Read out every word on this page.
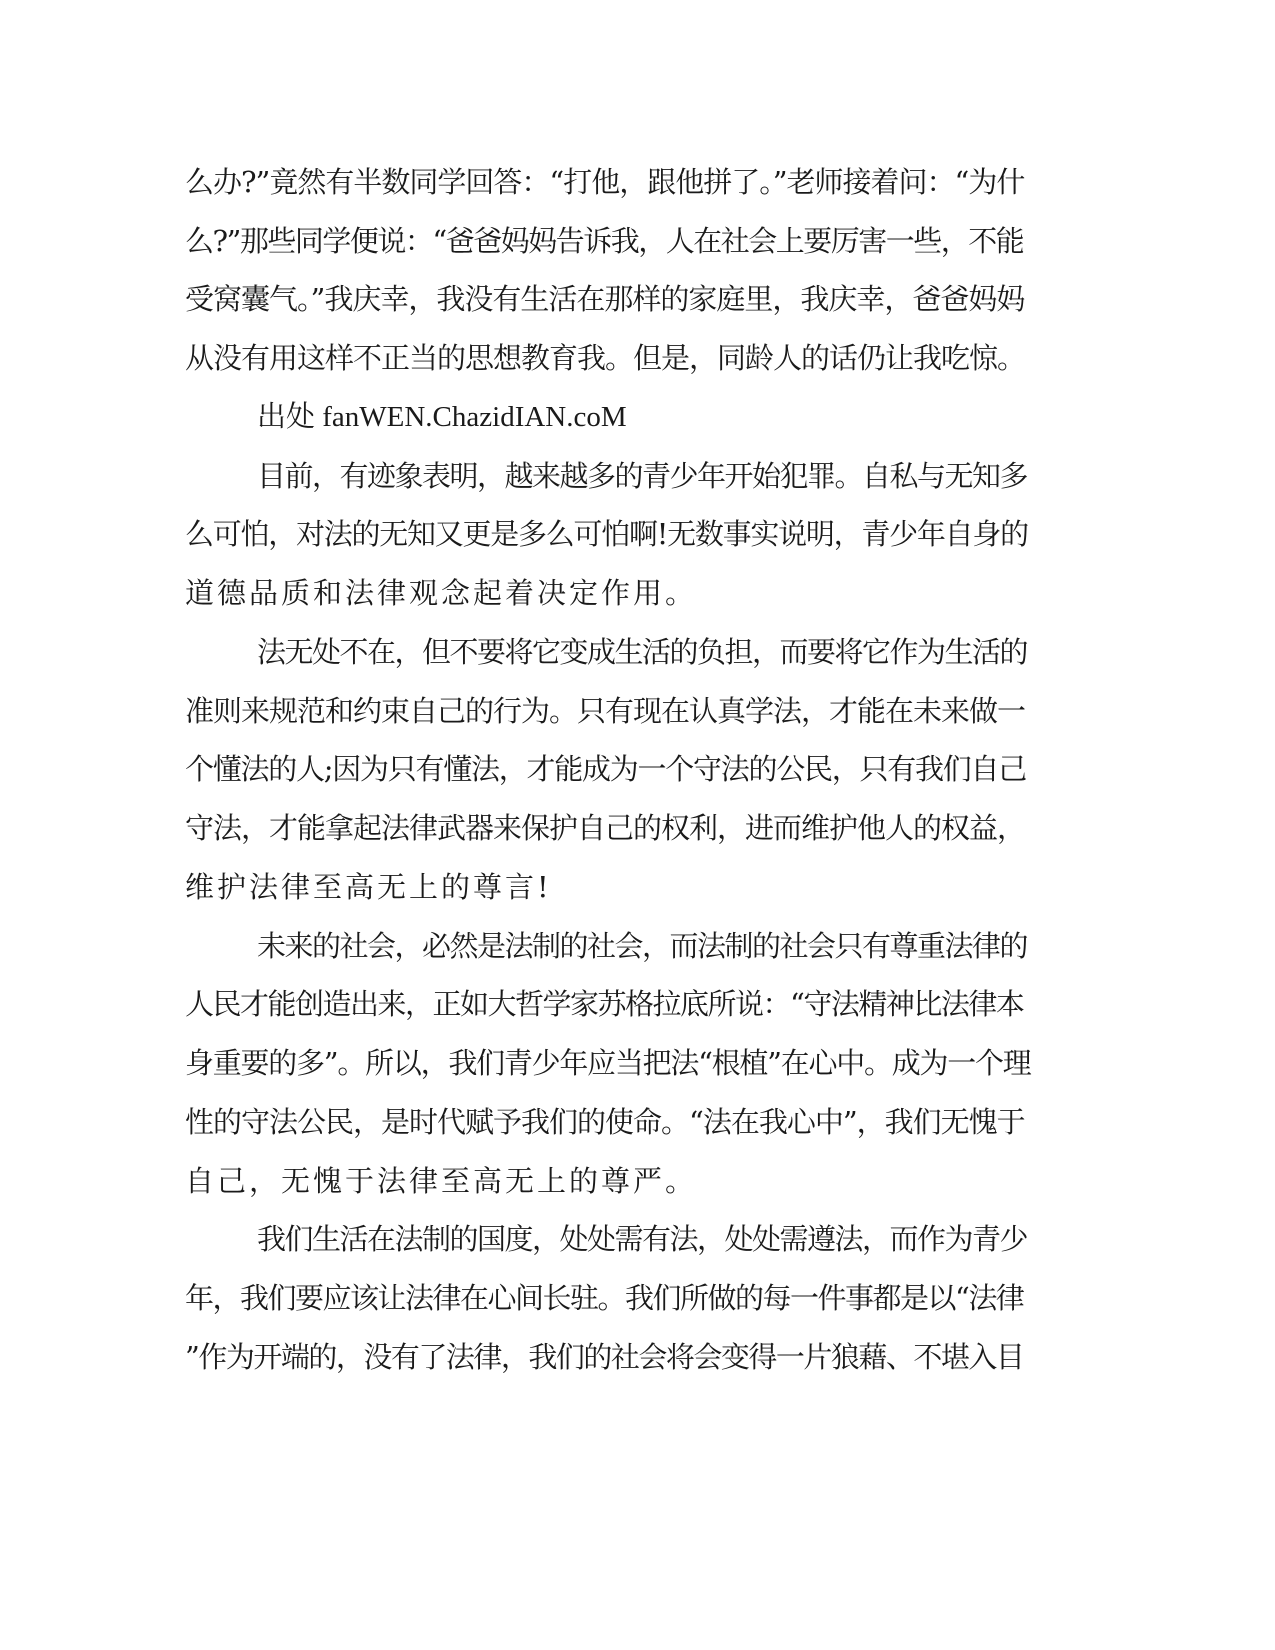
么办?”竟然有半数同学回答：“打他，跟他拼了。”老师接着问：“为什

么?”那些同学便说：“爸爸妈妈告诉我，人在社会上要厉害一些，不能

受窝囊气。”我庆幸，我没有生活在那样的家庭里，我庆幸，爸爸妈妈

从没有用这样不正当的思想教育我。但是，同龄人的话仍让我吃惊。

出处 fanWEN.ChazidIAN.coM

目前，有迹象表明，越来越多的青少年开始犯罪。自私与无知多

么可怕，对法的无知又更是多么可怕啊!无数事实说明，青少年自身的

道德品质和法律观念起着决定作用。

法无处不在，但不要将它变成生活的负担，而要将它作为生活的

准则来规范和约束自己的行为。只有现在认真学法，才能在未来做一

个懂法的人;因为只有懂法，才能成为一个守法的公民，只有我们自己

守法，才能拿起法律武器来保护自己的权利，进而维护他人的权益，

维护法律至高无上的尊言!

未来的社会，必然是法制的社会，而法制的社会只有尊重法律的

人民才能创造出来，正如大哲学家苏格拉底所说：“守法精神比法律本

身重要的多”。所以，我们青少年应当把法“根植”在心中。成为一个理

性的守法公民，是时代赋予我们的使命。“法在我心中”，我们无愧于

自己，无愧于法律至高无上的尊严。

我们生活在法制的国度，处处需有法，处处需遵法，而作为青少

年，我们要应该让法律在心间长驻。我们所做的每一件事都是以“法律

”作为开端的，没有了法律，我们的社会将会变得一片狼藉、不堪入目
